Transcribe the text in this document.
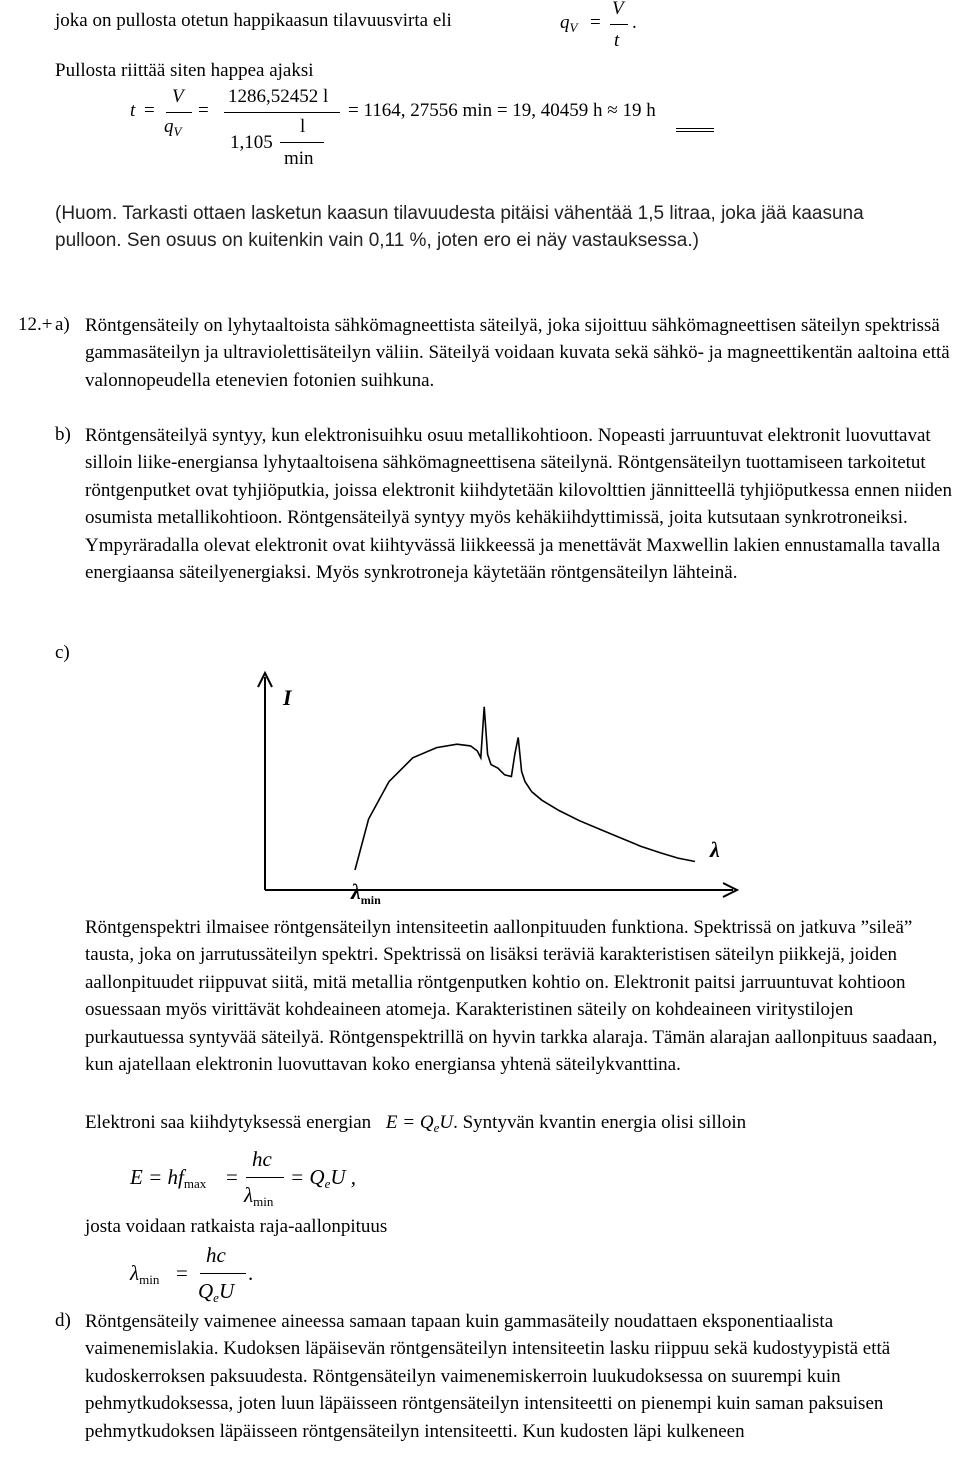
joka on pullosta otetun happikaasun tilavuusvirta eli	$q_V$ =
V
t
.
Pullosta riittää siten happea ajaksi
t =
V
$q_V$
=
1286,52452 l
1,105
l
min
= 1164, 27556 min = 19, 40459 h ≈ 19 h
(Huom. Tarkasti ottaen lasketun kaasun tilavuudesta pitäisi vähentää 1,5 litraa, joka jää kaasuna pulloon. Sen osuus on kuitenkin vain 0,11 %, joten ero ei näy vastauksessa.)
12.+ a) Röntgensäteily on lyhytaaltoista sähkömagneettista säteilyä, joka sijoittuu sähkömagneettisen säteilyn spektrissä gammasäteilyn ja ultraviolettisäteilyn väliin. Säteilyä voidaan kuvata sekä sähkö- ja magneettikentän aaltoina että valonnopeudella etenevien fotonien suihkuna.
b) Röntgensäteilyä syntyy, kun elektronisuihku osuu metallikohtioon. Nopeasti jarruuntuvat elektronit luovuttavat silloin liike-energiansa lyhytaaltoisena sähkömagneettisena säteilynä. Röntgensäteilyn tuottamiseen tarkoitetut röntgenputket ovat tyhjiöputkia, joissa elektronit kiihdytetään kilovolttien jännitteellä tyhjiöputkessa ennen niiden osumista metallikohtioon. Röntgensäteilyä syntyy myös kehäkiihdyttimissä, joita kutsutaan synkrotroneiksi. Ympyräradalla olevat elektronit ovat kiihtyvässä liikkeessä ja menettävät Maxwellin lakien ennustamalla tavalla energiaansa säteilyenergiaksi. Myös synkrotroneja käytetään röntgensäteilyn lähteinä.
c)
I
λ
$\lambda_{min}$
Röntgenspektri ilmaisee röntgensäteilyn intensiteetin aallonpituuden funktiona. Spektrissä on jatkuva ”sileä” tausta, joka on jarrutussäteilyn spektri. Spektrissä on lisäksi teräviä karakteristisen säteilyn piikkejä, joiden aallonpituudet riippuvat siitä, mitä metallia röntgenputken kohtio on. Elektronit paitsi jarruuntuvat kohtioon osuessaan myös virittävät kohdeaineen atomeja. Karakteristinen säteily on kohdeaineen viritystilojen purkautuessa syntyvää säteilyä. Röntgenspektrillä on hyvin tarkka alaraja. Tämän alarajan aallonpituus saadaan, kun ajatellaan elektronin luovuttavan koko energiansa yhtenä säteilykvanttina.
Elektroni saa kiihdytyksessä energian $E = Q_eU$. Syntyvän kvantin energia olisi silloin
$E = hf_{max}$ =
hc
$\lambda_{min}$
= $Q_eU$ ,
josta voidaan ratkaista raja-aallonpituus
$\lambda_{min}$ =
hc
$Q_eU$
.
d) Röntgensäteily vaimenee aineessa samaan tapaan kuin gammasäteily noudattaen eksponentiaalista vaimenemislakia. Kudoksen läpäisevän röntgensäteilyn intensiteetin lasku riippuu sekä kudostyypistä että kudoskerroksen paksuudesta. Röntgensäteilyn vaimenemiskerroin luukudoksessa on suurempi kuin pehmytkudoksessa, joten luun läpäisseen röntgensäteilyn intensiteetti on pienempi kuin saman paksuisen pehmytkudoksen läpäisseen röntgensäteilyn intensiteetti. Kun kudosten läpi kulkeneen
